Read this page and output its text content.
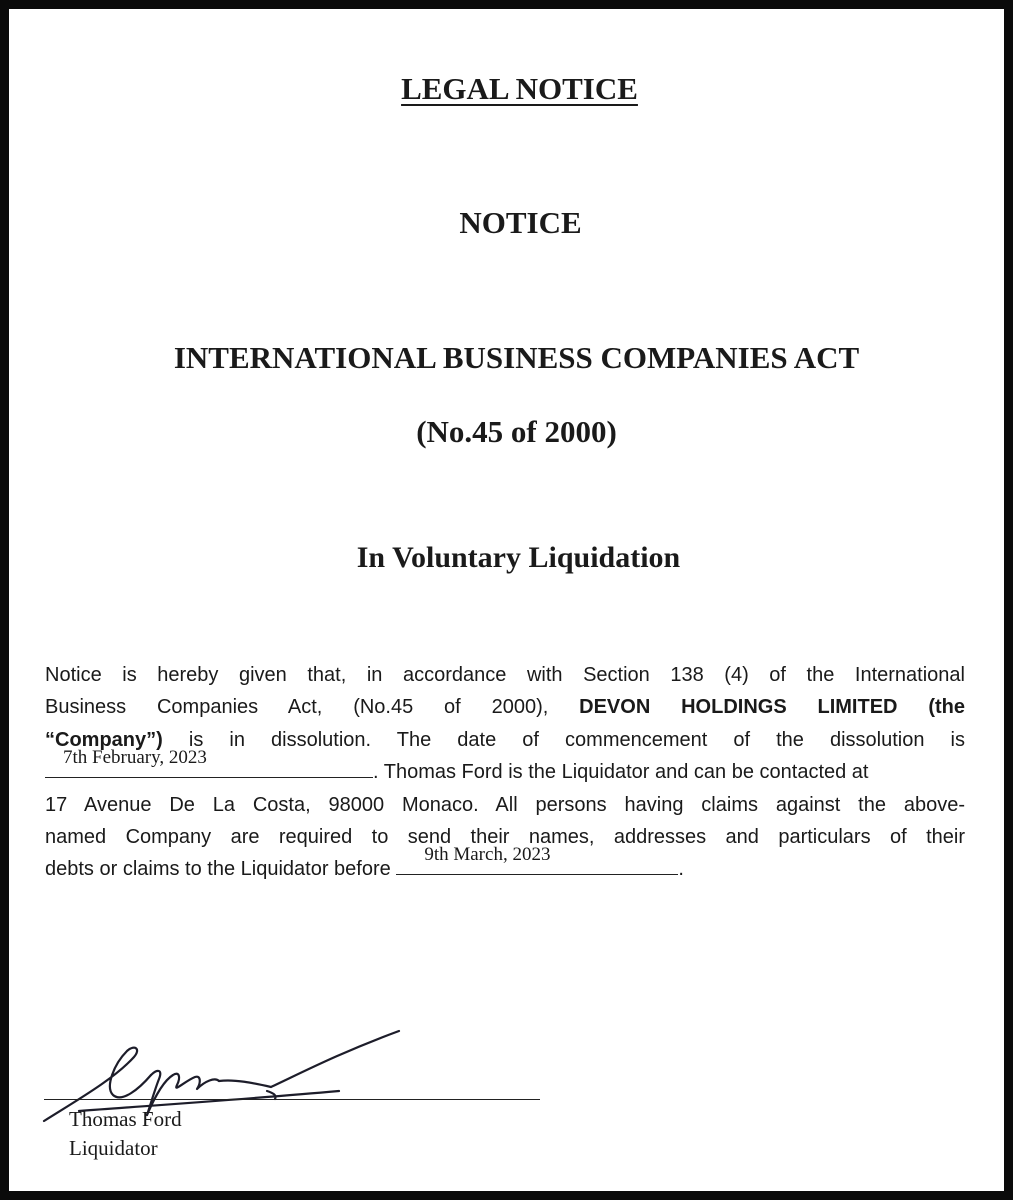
LEGAL NOTICE
NOTICE
INTERNATIONAL BUSINESS COMPANIES ACT
(No.45 of 2000)
In Voluntary Liquidation
Notice is hereby given that, in accordance with Section 138 (4) of the International
Business Companies Act, (No.45 of 2000), DEVON HOLDINGS LIMITED (the
“Company”) is in dissolution. The date of commencement of the dissolution is
7th February, 2023
. Thomas Ford is the Liquidator and can be contacted at
17 Avenue De La Costa, 98000 Monaco. All persons having claims against the above-
named Company are required to send their names, addresses and particulars of their
debts or claims to the Liquidator before
9th March, 2023
.
Thomas Ford
Liquidator
